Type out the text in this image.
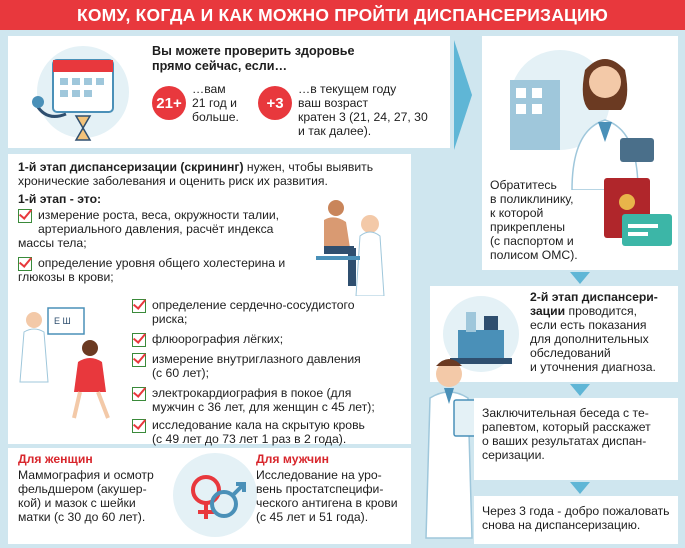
КОМУ, КОГДА И КАК МОЖНО ПРОЙТИ ДИСПАНСЕРИЗАЦИЮ
Вы можете проверить здоровье
прямо сейчас, если…
21+
…вам
21 год и
больше.
+3
…в текущем году
ваш возраст
кратен 3 (21, 24, 27, 30
и так далее).
Обратитесь
в поликлинику,
к которой
прикреплены
(с паспортом и
полисом ОМС).
1-й этап диспансеризации (скрининг) нужен, чтобы выявить
хронические заболевания и оценить риск их развития.
1-й этап - это:
измерение роста, веса, окружности талии,
артериального давления, расчёт индекса
массы тела;
определение уровня общего холестерина и
глюкозы в крови;
E Ш
определение сердечно-сосудистого
риска;
флюорография лёгких;
измерение внутриглазного давления
(с 60 лет);
электрокардиография в покое (для
мужчин с 36 лет, для женщин с 45 лет);
исследование кала на скрытую кровь
(с 49 лет до 73 лет 1 раз в 2 года).
Для женщин
Маммография и осмотр
фельдшером (акушер-
кой) и мазок с шейки
матки (с 30 до 60 лет).
Для мужчин
Исследование на уро-
вень простатспецифи-
ческого антигена в крови
(с 45 лет и 51 года).
2-й этап диспансери-
зации проводится,
если есть показания
для дополнительных
обследований
и уточнения диагноза.
Заключительная беседа с те-
рапевтом, который расскажет
о ваших результатах диспан-
серизации.
Через 3 года - добро пожаловать
снова на диспансеризацию.
